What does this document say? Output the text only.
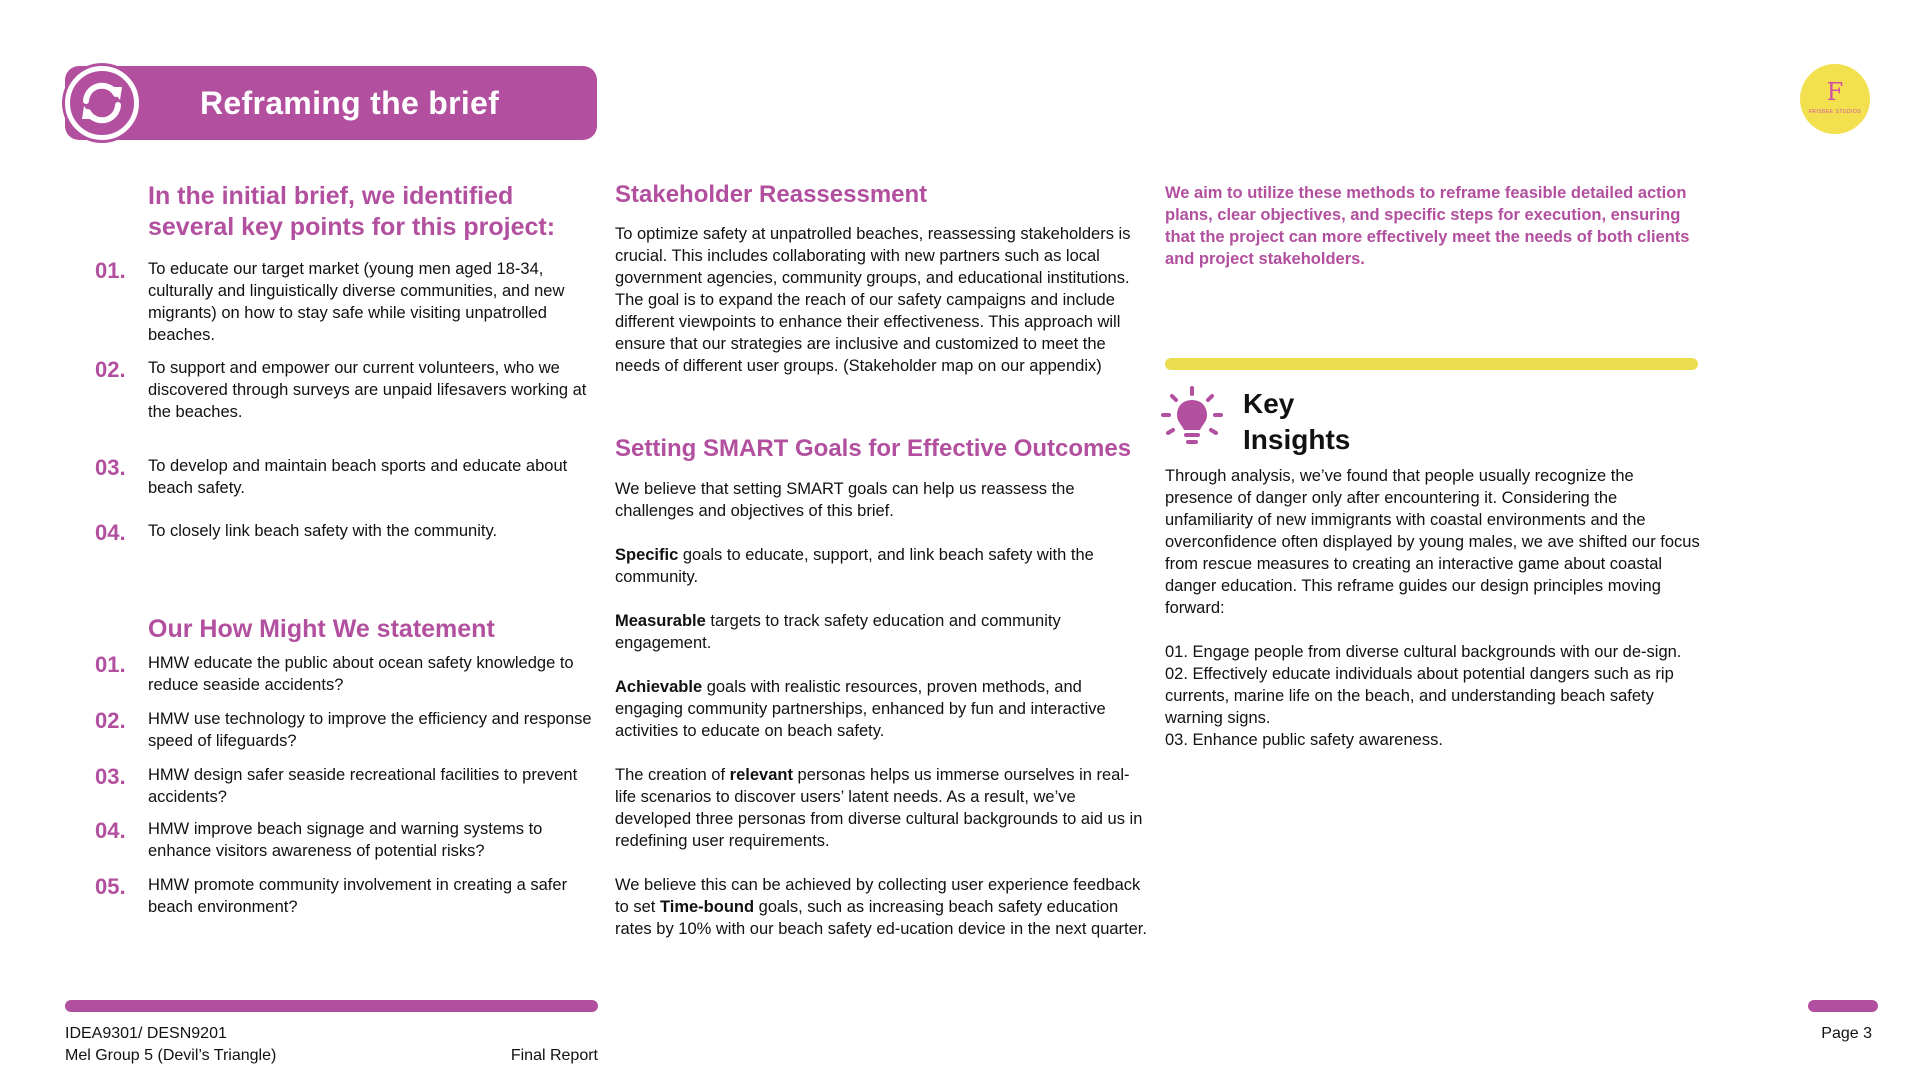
Reframing the brief	F
FRISBEE STUDIOS
In the initial brief, we identified several key points for this project:
01.	To educate our target market (young men aged 18-34, culturally and linguistically diverse communities, and new migrants) on how to stay safe while visiting unpatrolled beaches.
02.	To support and empower our current volunteers, who we discovered through surveys are unpaid lifesavers working at the beaches.
03.	To develop and maintain beach sports and educate about beach safety.
04.	To closely link beach safety with the community.
Our How Might We statement
01.	HMW educate the public about ocean safety knowledge to reduce seaside accidents?
02.	HMW use technology to improve the efficiency and response speed of lifeguards?
03.	HMW design safer seaside recreational facilities to prevent accidents?
04.	HMW improve beach signage and warning systems to enhance visitors awareness of potential risks?
05.	HMW promote community involvement in creating a safer beach environment?
Stakeholder Reassessment
To optimize safety at unpatrolled beaches, reassessing stakeholders is crucial. This includes collaborating with new partners such as local government agencies, community groups, and educational institutions. The goal is to expand the reach of our safety campaigns and include different viewpoints to enhance their effectiveness. This approach will ensure that our strategies are inclusive and customized to meet the needs of different user groups. (Stakeholder map on our appendix)
Setting SMART Goals for Effective Outcomes

We believe that setting SMART goals can help us reassess the challenges and objectives of this brief.

Specific goals to educate, support, and link beach safety with the community.

Measurable targets to track safety education and community engagement.

Achievable goals with realistic resources, proven methods, and engaging community partnerships, enhanced by fun and interactive activities to educate on beach safety.

The creation of relevant personas helps us immerse ourselves in real-life scenarios to discover users’ latent needs. As a result, we’ve developed three personas from diverse cultural backgrounds to aid us in redefining user requirements.

We believe this can be achieved by collecting user experience feedback to set Time-bound goals, such as increasing beach safety education rates by 10% with our beach safety ed-ucation device in the next quarter.

We aim to utilize these methods to reframe feasible detailed action plans, clear objectives, and specific steps for execution, ensuring that the project can more effectively meet the needs of both clients and project stakeholders.
Key
Insights
Through analysis, we’ve found that people usually recognize the presence of danger only after encountering it. Considering the unfamiliarity of new immigrants with coastal environments and the overconfidence often displayed by young males, we ave shifted our focus from rescue measures to creating an interactive game about coastal danger education. This reframe guides our design principles moving forward:
01. Engage people from diverse cultural backgrounds with our de-sign.
02. Effectively educate individuals about potential dangers such as rip currents, marine life on the beach, and understanding beach safety warning signs.
03. Enhance public safety awareness.
IDEA9301/ DESN9201
Mel Group 5 (Devil’s Triangle)	Final Report
Page 3
